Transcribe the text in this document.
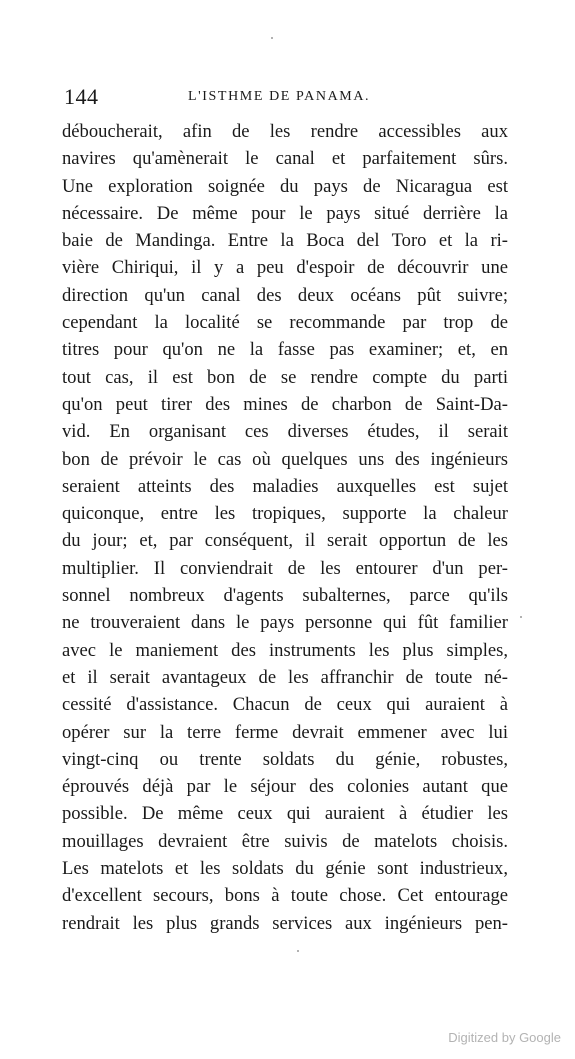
144	L'ISTHME DE PANAMA.
déboucherait, afin de les rendre accessibles aux
navires qu'amènerait le canal et parfaitement sûrs.
Une exploration soignée du pays de Nicaragua est
nécessaire. De même pour le pays situé derrière la
baie de Mandinga. Entre la Boca del Toro et la ri-
vière Chiriqui, il y a peu d'espoir de découvrir une
direction qu'un canal des deux océans pût suivre;
cependant la localité se recommande par trop de
titres pour qu'on ne la fasse pas examiner; et, en
tout cas, il est bon de se rendre compte du parti
qu'on peut tirer des mines de charbon de Saint-Da-
vid. En organisant ces diverses études, il serait
bon de prévoir le cas où quelques uns des ingénieurs
seraient atteints des maladies auxquelles est sujet
quiconque, entre les tropiques, supporte la chaleur
du jour; et, par conséquent, il serait opportun de les
multiplier. Il conviendrait de les entourer d'un per-
sonnel nombreux d'agents subalternes, parce qu'ils
ne trouveraient dans le pays personne qui fût familier
avec le maniement des instruments les plus simples,
et il serait avantageux de les affranchir de toute né-
cessité d'assistance. Chacun de ceux qui auraient à
opérer sur la terre ferme devrait emmener avec lui
vingt-cinq ou trente soldats du génie, robustes,
éprouvés déjà par le séjour des colonies autant que
possible. De même ceux qui auraient à étudier les
mouillages devraient être suivis de matelots choisis.
Les matelots et les soldats du génie sont industrieux,
d'excellent secours, bons à toute chose. Cet entourage
rendrait les plus grands services aux ingénieurs pen-
Digitized by Google
